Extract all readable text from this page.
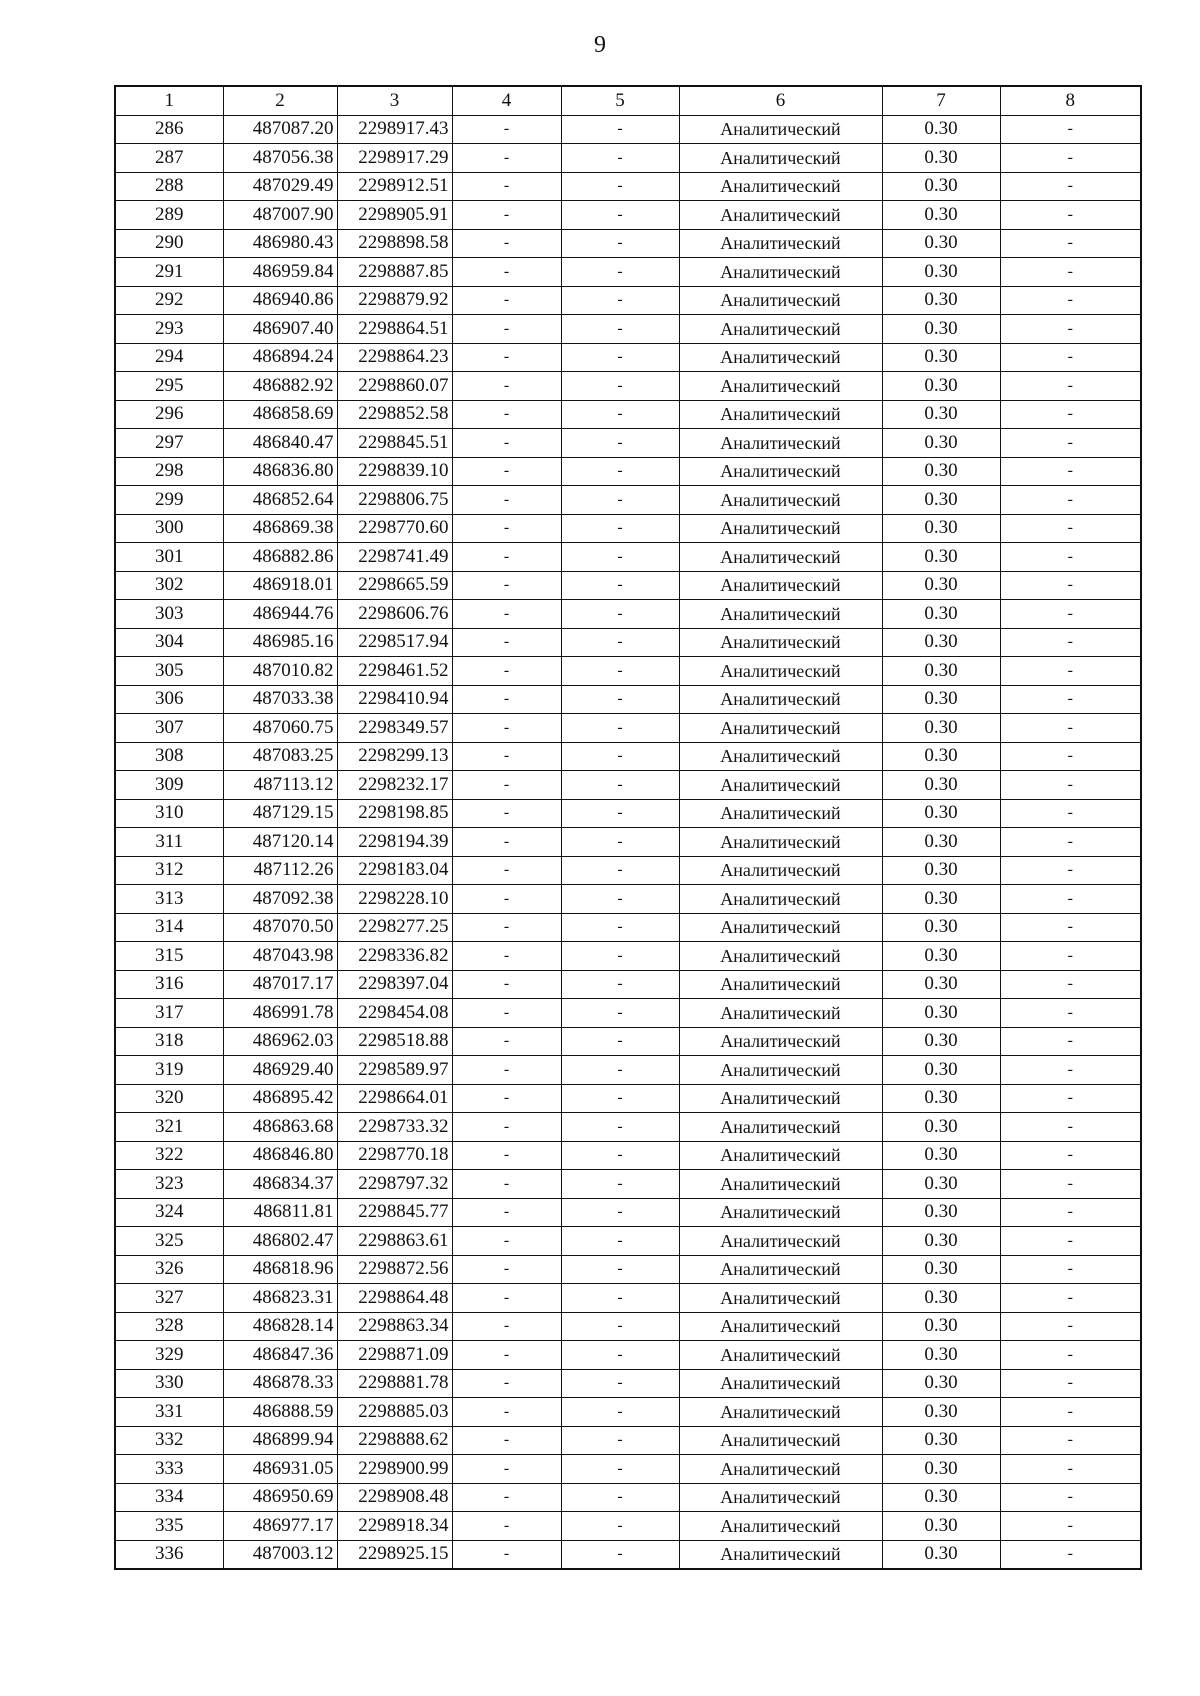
9
1	2	3	4	5	6	7	8
286	487087.20	2298917.43	-	-	Аналитический	0.30	-
287	487056.38	2298917.29	-	-	Аналитический	0.30	-
288	487029.49	2298912.51	-	-	Аналитический	0.30	-
289	487007.90	2298905.91	-	-	Аналитический	0.30	-
290	486980.43	2298898.58	-	-	Аналитический	0.30	-
291	486959.84	2298887.85	-	-	Аналитический	0.30	-
292	486940.86	2298879.92	-	-	Аналитический	0.30	-
293	486907.40	2298864.51	-	-	Аналитический	0.30	-
294	486894.24	2298864.23	-	-	Аналитический	0.30	-
295	486882.92	2298860.07	-	-	Аналитический	0.30	-
296	486858.69	2298852.58	-	-	Аналитический	0.30	-
297	486840.47	2298845.51	-	-	Аналитический	0.30	-
298	486836.80	2298839.10	-	-	Аналитический	0.30	-
299	486852.64	2298806.75	-	-	Аналитический	0.30	-
300	486869.38	2298770.60	-	-	Аналитический	0.30	-
301	486882.86	2298741.49	-	-	Аналитический	0.30	-
302	486918.01	2298665.59	-	-	Аналитический	0.30	-
303	486944.76	2298606.76	-	-	Аналитический	0.30	-
304	486985.16	2298517.94	-	-	Аналитический	0.30	-
305	487010.82	2298461.52	-	-	Аналитический	0.30	-
306	487033.38	2298410.94	-	-	Аналитический	0.30	-
307	487060.75	2298349.57	-	-	Аналитический	0.30	-
308	487083.25	2298299.13	-	-	Аналитический	0.30	-
309	487113.12	2298232.17	-	-	Аналитический	0.30	-
310	487129.15	2298198.85	-	-	Аналитический	0.30	-
311	487120.14	2298194.39	-	-	Аналитический	0.30	-
312	487112.26	2298183.04	-	-	Аналитический	0.30	-
313	487092.38	2298228.10	-	-	Аналитический	0.30	-
314	487070.50	2298277.25	-	-	Аналитический	0.30	-
315	487043.98	2298336.82	-	-	Аналитический	0.30	-
316	487017.17	2298397.04	-	-	Аналитический	0.30	-
317	486991.78	2298454.08	-	-	Аналитический	0.30	-
318	486962.03	2298518.88	-	-	Аналитический	0.30	-
319	486929.40	2298589.97	-	-	Аналитический	0.30	-
320	486895.42	2298664.01	-	-	Аналитический	0.30	-
321	486863.68	2298733.32	-	-	Аналитический	0.30	-
322	486846.80	2298770.18	-	-	Аналитический	0.30	-
323	486834.37	2298797.32	-	-	Аналитический	0.30	-
324	486811.81	2298845.77	-	-	Аналитический	0.30	-
325	486802.47	2298863.61	-	-	Аналитический	0.30	-
326	486818.96	2298872.56	-	-	Аналитический	0.30	-
327	486823.31	2298864.48	-	-	Аналитический	0.30	-
328	486828.14	2298863.34	-	-	Аналитический	0.30	-
329	486847.36	2298871.09	-	-	Аналитический	0.30	-
330	486878.33	2298881.78	-	-	Аналитический	0.30	-
331	486888.59	2298885.03	-	-	Аналитический	0.30	-
332	486899.94	2298888.62	-	-	Аналитический	0.30	-
333	486931.05	2298900.99	-	-	Аналитический	0.30	-
334	486950.69	2298908.48	-	-	Аналитический	0.30	-
335	486977.17	2298918.34	-	-	Аналитический	0.30	-
336	487003.12	2298925.15	-	-	Аналитический	0.30	-
